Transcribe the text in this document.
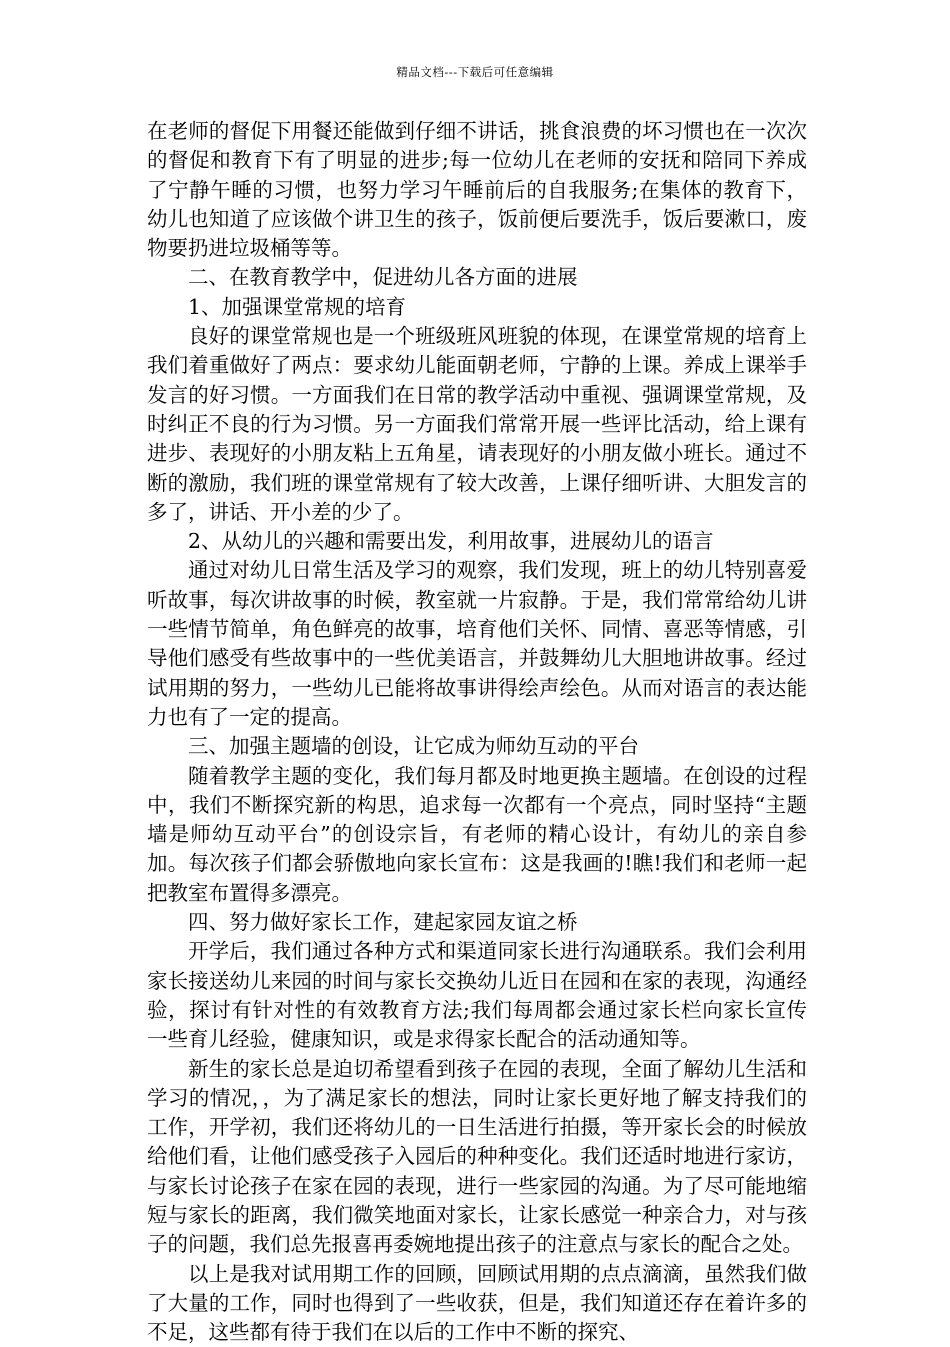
精品文档---下载后可任意编辑

在老师的督促下用餐还能做到仔细不讲话，挑食浪费的坏习惯也在一次次的督促和教育下有了明显的进步;每一位幼儿在老师的安抚和陪同下养成了宁静午睡的习惯，也努力学习午睡前后的自我服务;在集体的教育下，幼儿也知道了应该做个讲卫生的孩子，饭前便后要洗手，饭后要漱口，废物要扔进垃圾桶等等。

二、在教育教学中，促进幼儿各方面的进展

1、加强课堂常规的培育

良好的课堂常规也是一个班级班风班貌的体现，在课堂常规的培育上我们着重做好了两点：要求幼儿能面朝老师，宁静的上课。养成上课举手发言的好习惯。一方面我们在日常的教学活动中重视、强调课堂常规，及时纠正不良的行为习惯。另一方面我们常常开展一些评比活动，给上课有进步、表现好的小朋友粘上五角星，请表现好的小朋友做小班长。通过不断的激励，我们班的课堂常规有了较大改善，上课仔细听讲、大胆发言的多了，讲话、开小差的少了。

2、从幼儿的兴趣和需要出发，利用故事，进展幼儿的语言

通过对幼儿日常生活及学习的观察，我们发现，班上的幼儿特别喜爱听故事，每次讲故事的时候，教室就一片寂静。于是，我们常常给幼儿讲一些情节简单，角色鲜亮的故事，培育他们关怀、同情、喜恶等情感，引导他们感受有些故事中的一些优美语言，并鼓舞幼儿大胆地讲故事。经过试用期的努力，一些幼儿已能将故事讲得绘声绘色。从而对语言的表达能力也有了一定的提高。

三、加强主题墙的创设，让它成为师幼互动的平台

随着教学主题的变化，我们每月都及时地更换主题墙。在创设的过程中，我们不断探究新的构思，追求每一次都有一个亮点，同时坚持“主题墙是师幼互动平台”的创设宗旨，有老师的精心设计，有幼儿的亲自参加。每次孩子们都会骄傲地向家长宣布：这是我画的!瞧!我们和老师一起把教室布置得多漂亮。

四、努力做好家长工作，建起家园友谊之桥

开学后，我们通过各种方式和渠道同家长进行沟通联系。我们会利用家长接送幼儿来园的时间与家长交换幼儿近日在园和在家的表现，沟通经验，探讨有针对性的有效教育方法;我们每周都会通过家长栏向家长宣传一些育儿经验，健康知识，或是求得家长配合的活动通知等。

新生的家长总是迫切希望看到孩子在园的表现，全面了解幼儿生活和学习的情况，，为了满足家长的想法，同时让家长更好地了解支持我们的工作，开学初，我们还将幼儿的一日生活进行拍摄，等开家长会的时候放给他们看，让他们感受孩子入园后的种种变化。我们还适时地进行家访，与家长讨论孩子在家在园的表现，进行一些家园的沟通。为了尽可能地缩短与家长的距离，我们微笑地面对家长，让家长感觉一种亲合力，对与孩子的问题，我们总先报喜再委婉地提出孩子的注意点与家长的配合之处。

以上是我对试用期工作的回顾，回顾试用期的点点滴滴，虽然我们做了大量的工作，同时也得到了一些收获，但是，我们知道还存在着许多的不足，这些都有待于我们在以后的工作中不断的探究、
